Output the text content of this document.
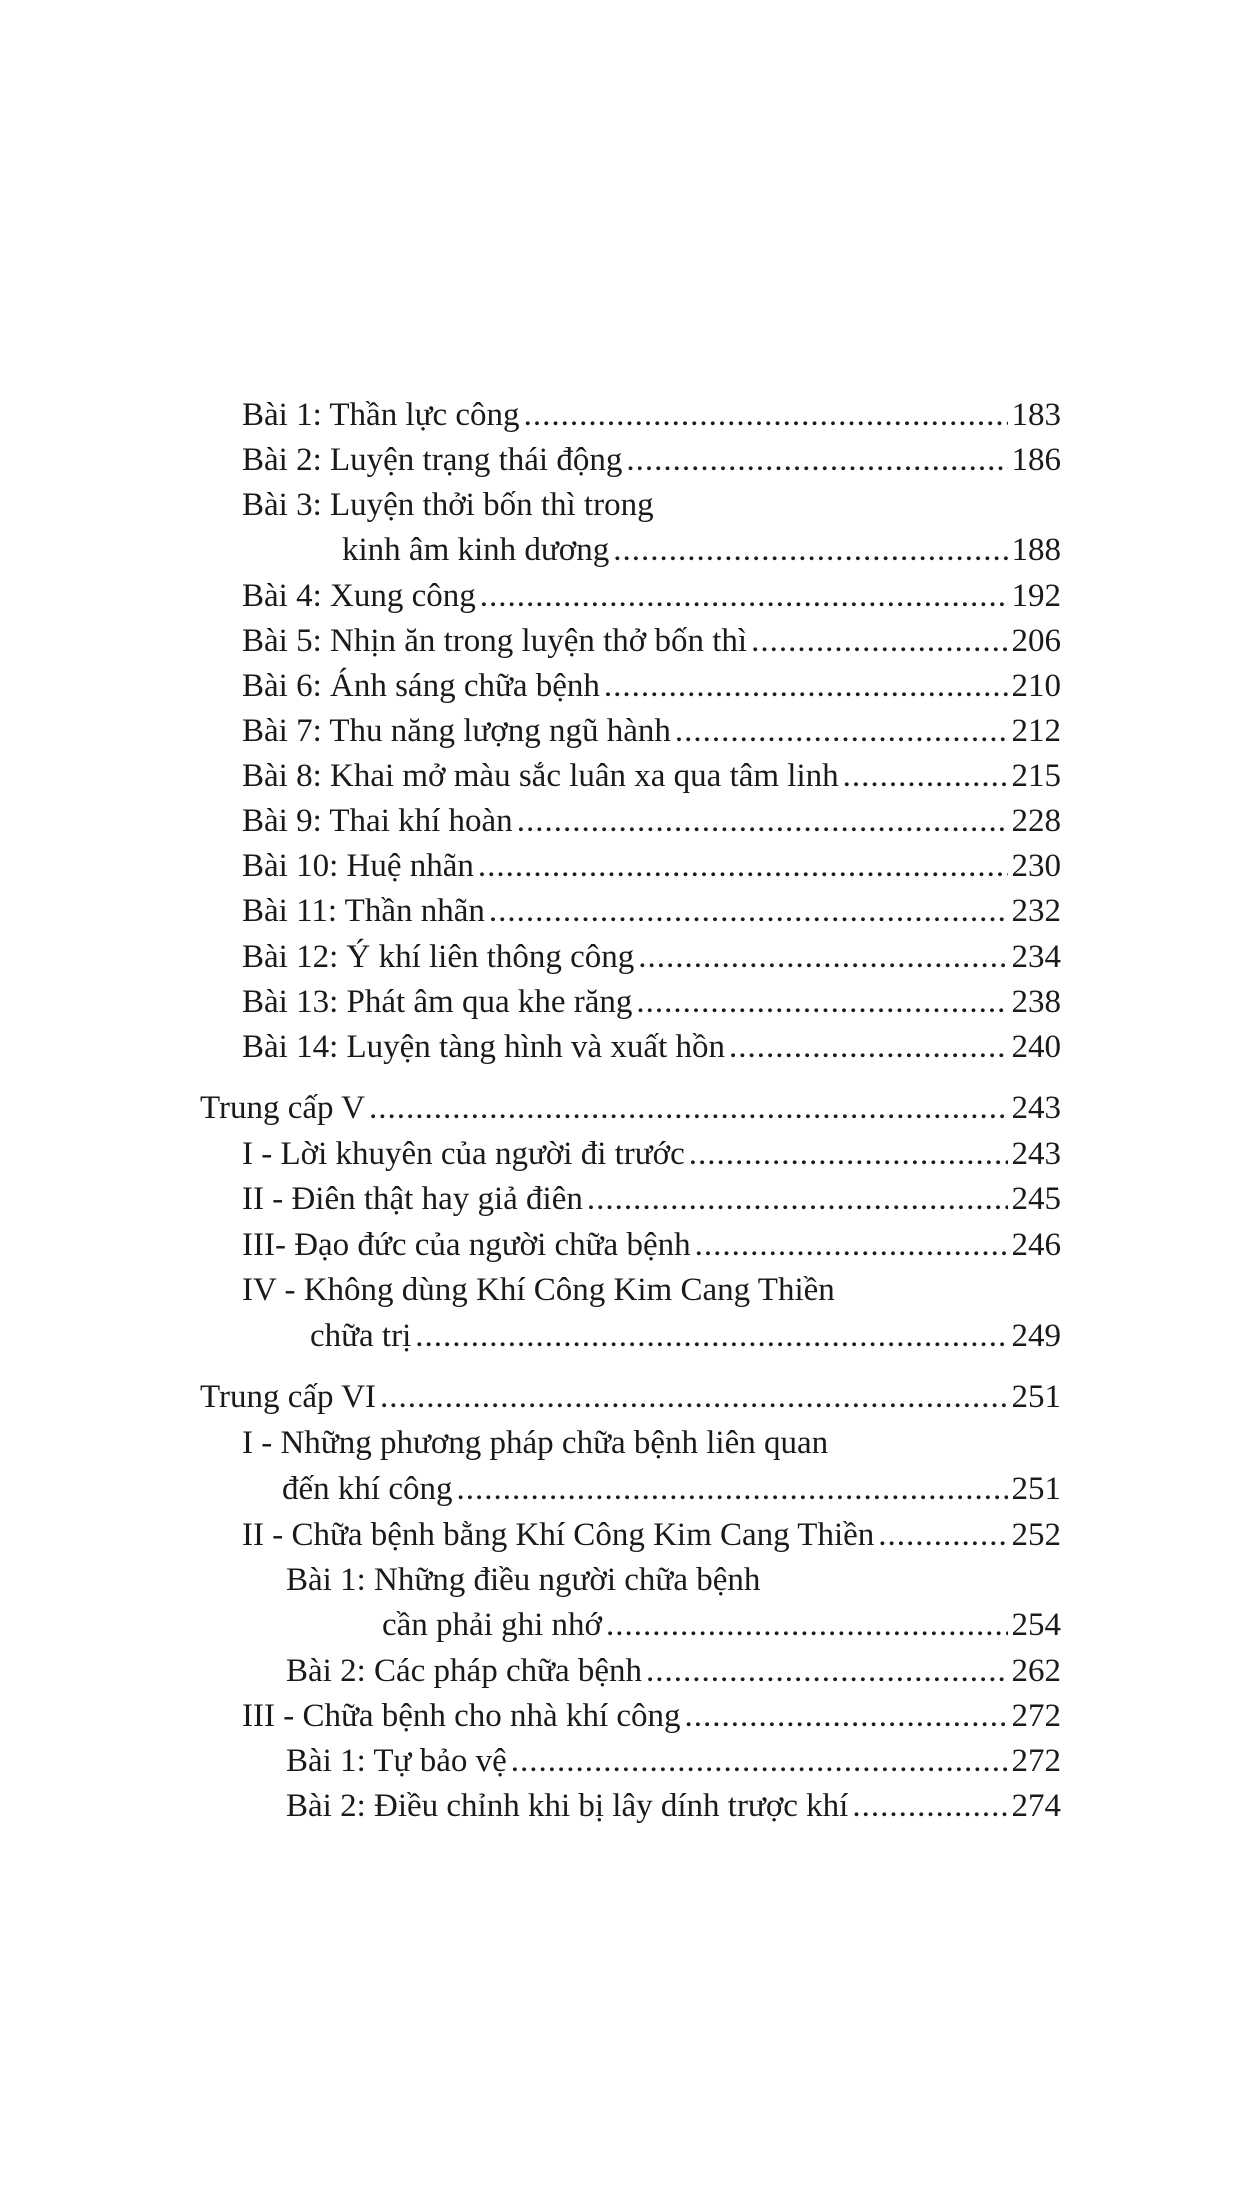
Bài 1: Thần lực công .....	183
Bài 2: Luyện trạng thái động .....	186
Bài 3: Luyện thởi bốn thì trong
kinh âm kinh dương .....	188
Bài 4: Xung công .....	192
Bài 5: Nhịn ăn trong luyện thở bốn thì .....	206
Bài 6: Ánh sáng chữa bệnh .....	210
Bài 7: Thu năng lượng ngũ hành .....	212
Bài 8: Khai mở màu sắc luân xa qua tâm linh .....	215
Bài 9: Thai khí hoàn .....	228
Bài 10: Huệ nhãn .....	230
Bài 11: Thần nhãn .....	232
Bài 12: Ý khí liên thông công .....	234
Bài 13: Phát âm qua khe răng .....	238
Bài 14: Luyện tàng hình và xuất hồn .....	240
Trung cấp V .....	243
I - Lời khuyên của người đi trước .....	243
II - Điên thật hay giả điên .....	245
III- Đạo đức của người chữa bệnh .....	246
IV - Không dùng Khí Công Kim Cang Thiền
chữa trị .....	249
Trung cấp VI .....	251
I - Những phương pháp chữa bệnh liên quan
đến khí công .....	251
II - Chữa bệnh bằng Khí Công Kim Cang Thiền .....	252
Bài 1: Những điều người chữa bệnh
cần phải ghi nhớ .....	254
Bài 2: Các pháp chữa bệnh .....	262
III - Chữa bệnh cho nhà khí công .....	272
Bài 1: Tự bảo vệ .....	272
Bài 2: Điều chỉnh khi bị lây dính trược khí .....	274
